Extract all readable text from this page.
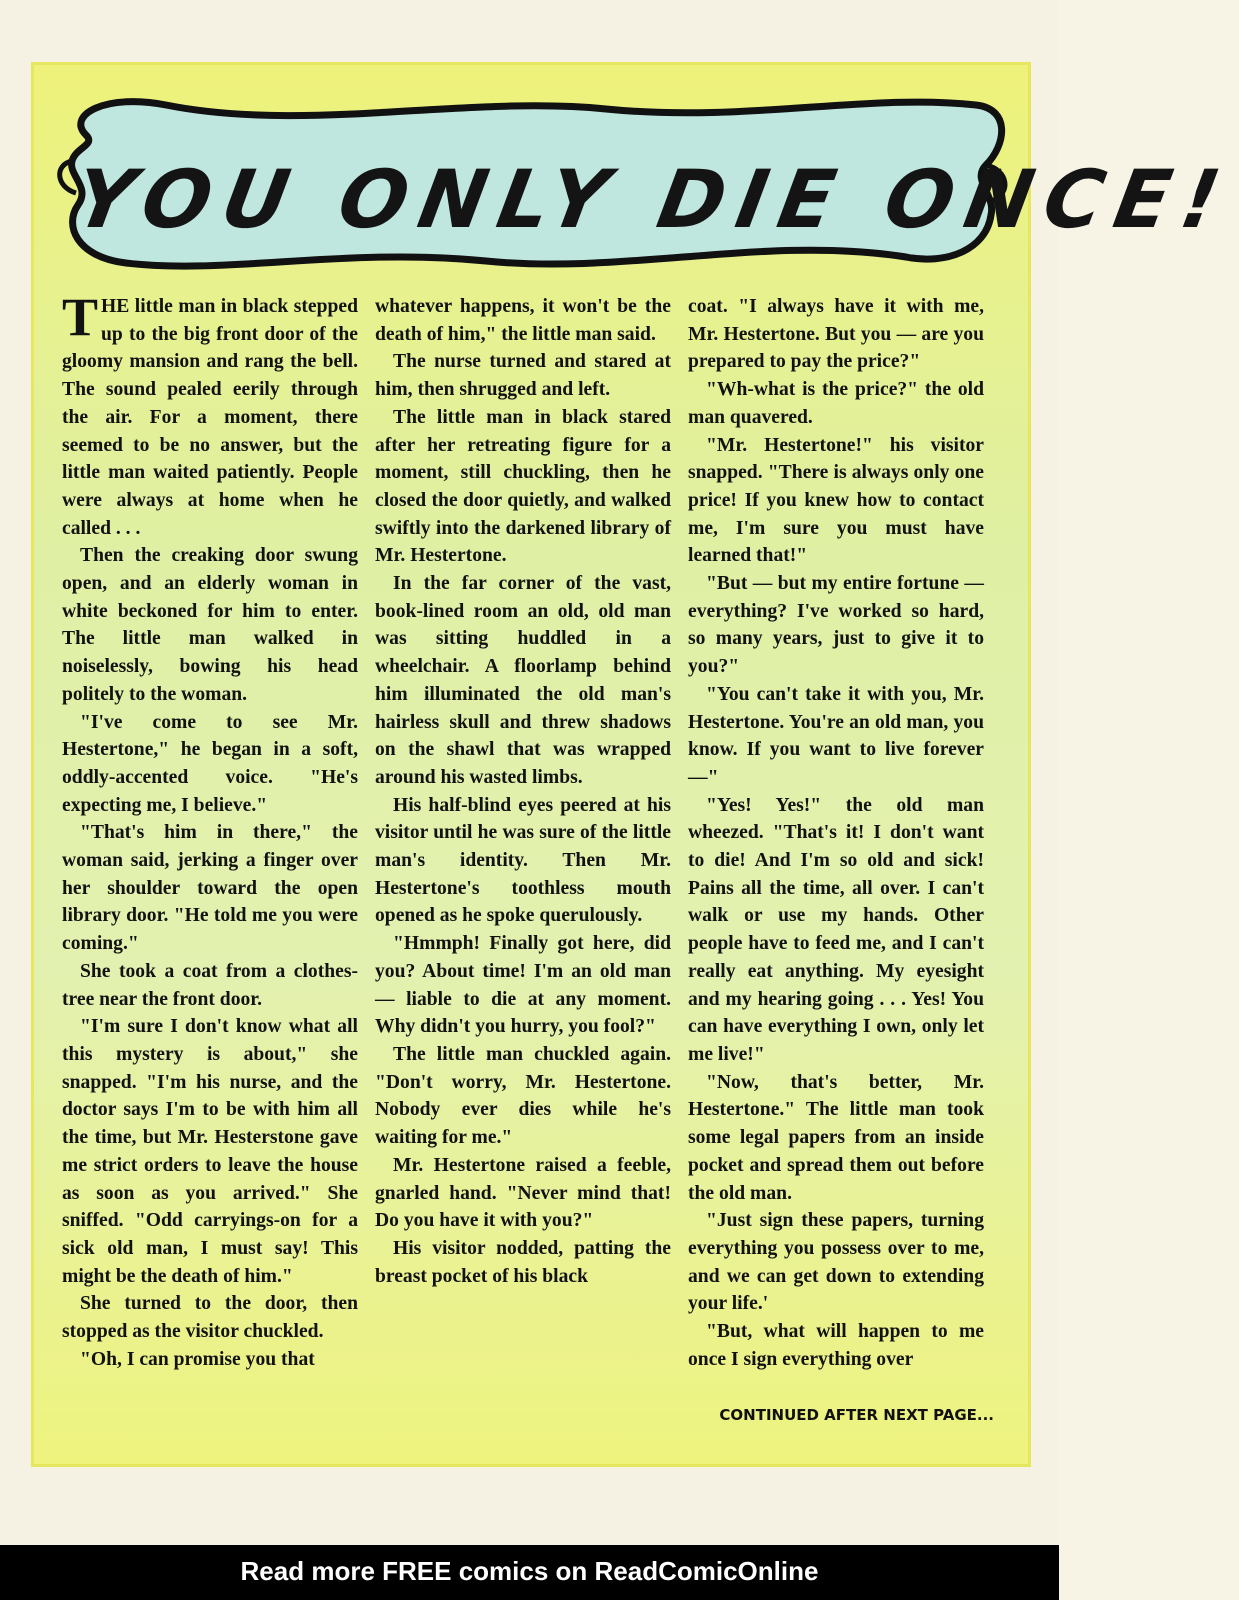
YOU ONLY DIE ONCE!

THE little man in black stepped up to the big front door of the gloomy mansion and rang the bell. The sound pealed eerily through the air. For a moment, there seemed to be no answer, but the little man waited patiently. People were always at home when he called . . .

Then the creaking door swung open, and an elderly woman in white beckoned for him to enter. The little man walked in noiselessly, bowing his head politely to the woman.

"I've come to see Mr. Hestertone," he began in a soft, oddly-accented voice. "He's expecting me, I believe."

"That's him in there," the woman said, jerking a finger over her shoulder toward the open library door. "He told me you were coming."

She took a coat from a clothes-tree near the front door.

"I'm sure I don't know what all this mystery is about," she snapped. "I'm his nurse, and the doctor says I'm to be with him all the time, but Mr. Hesterstone gave me strict orders to leave the house as soon as you arrived." She sniffed. "Odd carryings-on for a sick old man, I must say! This might be the death of him."

She turned to the door, then stopped as the visitor chuckled.

"Oh, I can promise you that

whatever happens, it won't be the death of him," the little man said.

The nurse turned and stared at him, then shrugged and left.

The little man in black stared after her retreating figure for a moment, still chuckling, then he closed the door quietly, and walked swiftly into the darkened library of Mr. Hestertone.

In the far corner of the vast, book-lined room an old, old man was sitting huddled in a wheelchair. A floorlamp behind him illuminated the old man's hairless skull and threw shadows on the shawl that was wrapped around his wasted limbs.

His half-blind eyes peered at his visitor until he was sure of the little man's identity. Then Mr. Hestertone's toothless mouth opened as he spoke querulously.

"Hmmph! Finally got here, did you? About time! I'm an old man — liable to die at any moment. Why didn't you hurry, you fool?"

The little man chuckled again. "Don't worry, Mr. Hestertone. Nobody ever dies while he's waiting for me."

Mr. Hestertone raised a feeble, gnarled hand. "Never mind that! Do you have it with you?"

His visitor nodded, patting the breast pocket of his black

coat. "I always have it with me, Mr. Hestertone. But you — are you prepared to pay the price?"

"Wh-what is the price?" the old man quavered.

"Mr. Hestertone!" his visitor snapped. "There is always only one price! If you knew how to contact me, I'm sure you must have learned that!"

"But — but my entire fortune —everything? I've worked so hard, so many years, just to give it to you?"

"You can't take it with you, Mr. Hestertone. You're an old man, you know. If you want to live forever—"

"Yes! Yes!" the old man wheezed. "That's it! I don't want to die! And I'm so old and sick! Pains all the time, all over. I can't walk or use my hands. Other people have to feed me, and I can't really eat anything. My eyesight and my hearing going . . . Yes! You can have everything I own, only let me live!"

"Now, that's better, Mr. Hestertone." The little man took some legal papers from an inside pocket and spread them out before the old man.

"Just sign these papers, turning everything you possess over to me, and we can get down to extending your life.'

"But, what will happen to me once I sign everything over

CONTINUED AFTER NEXT PAGE...
Read more FREE comics on ReadComicOnline
